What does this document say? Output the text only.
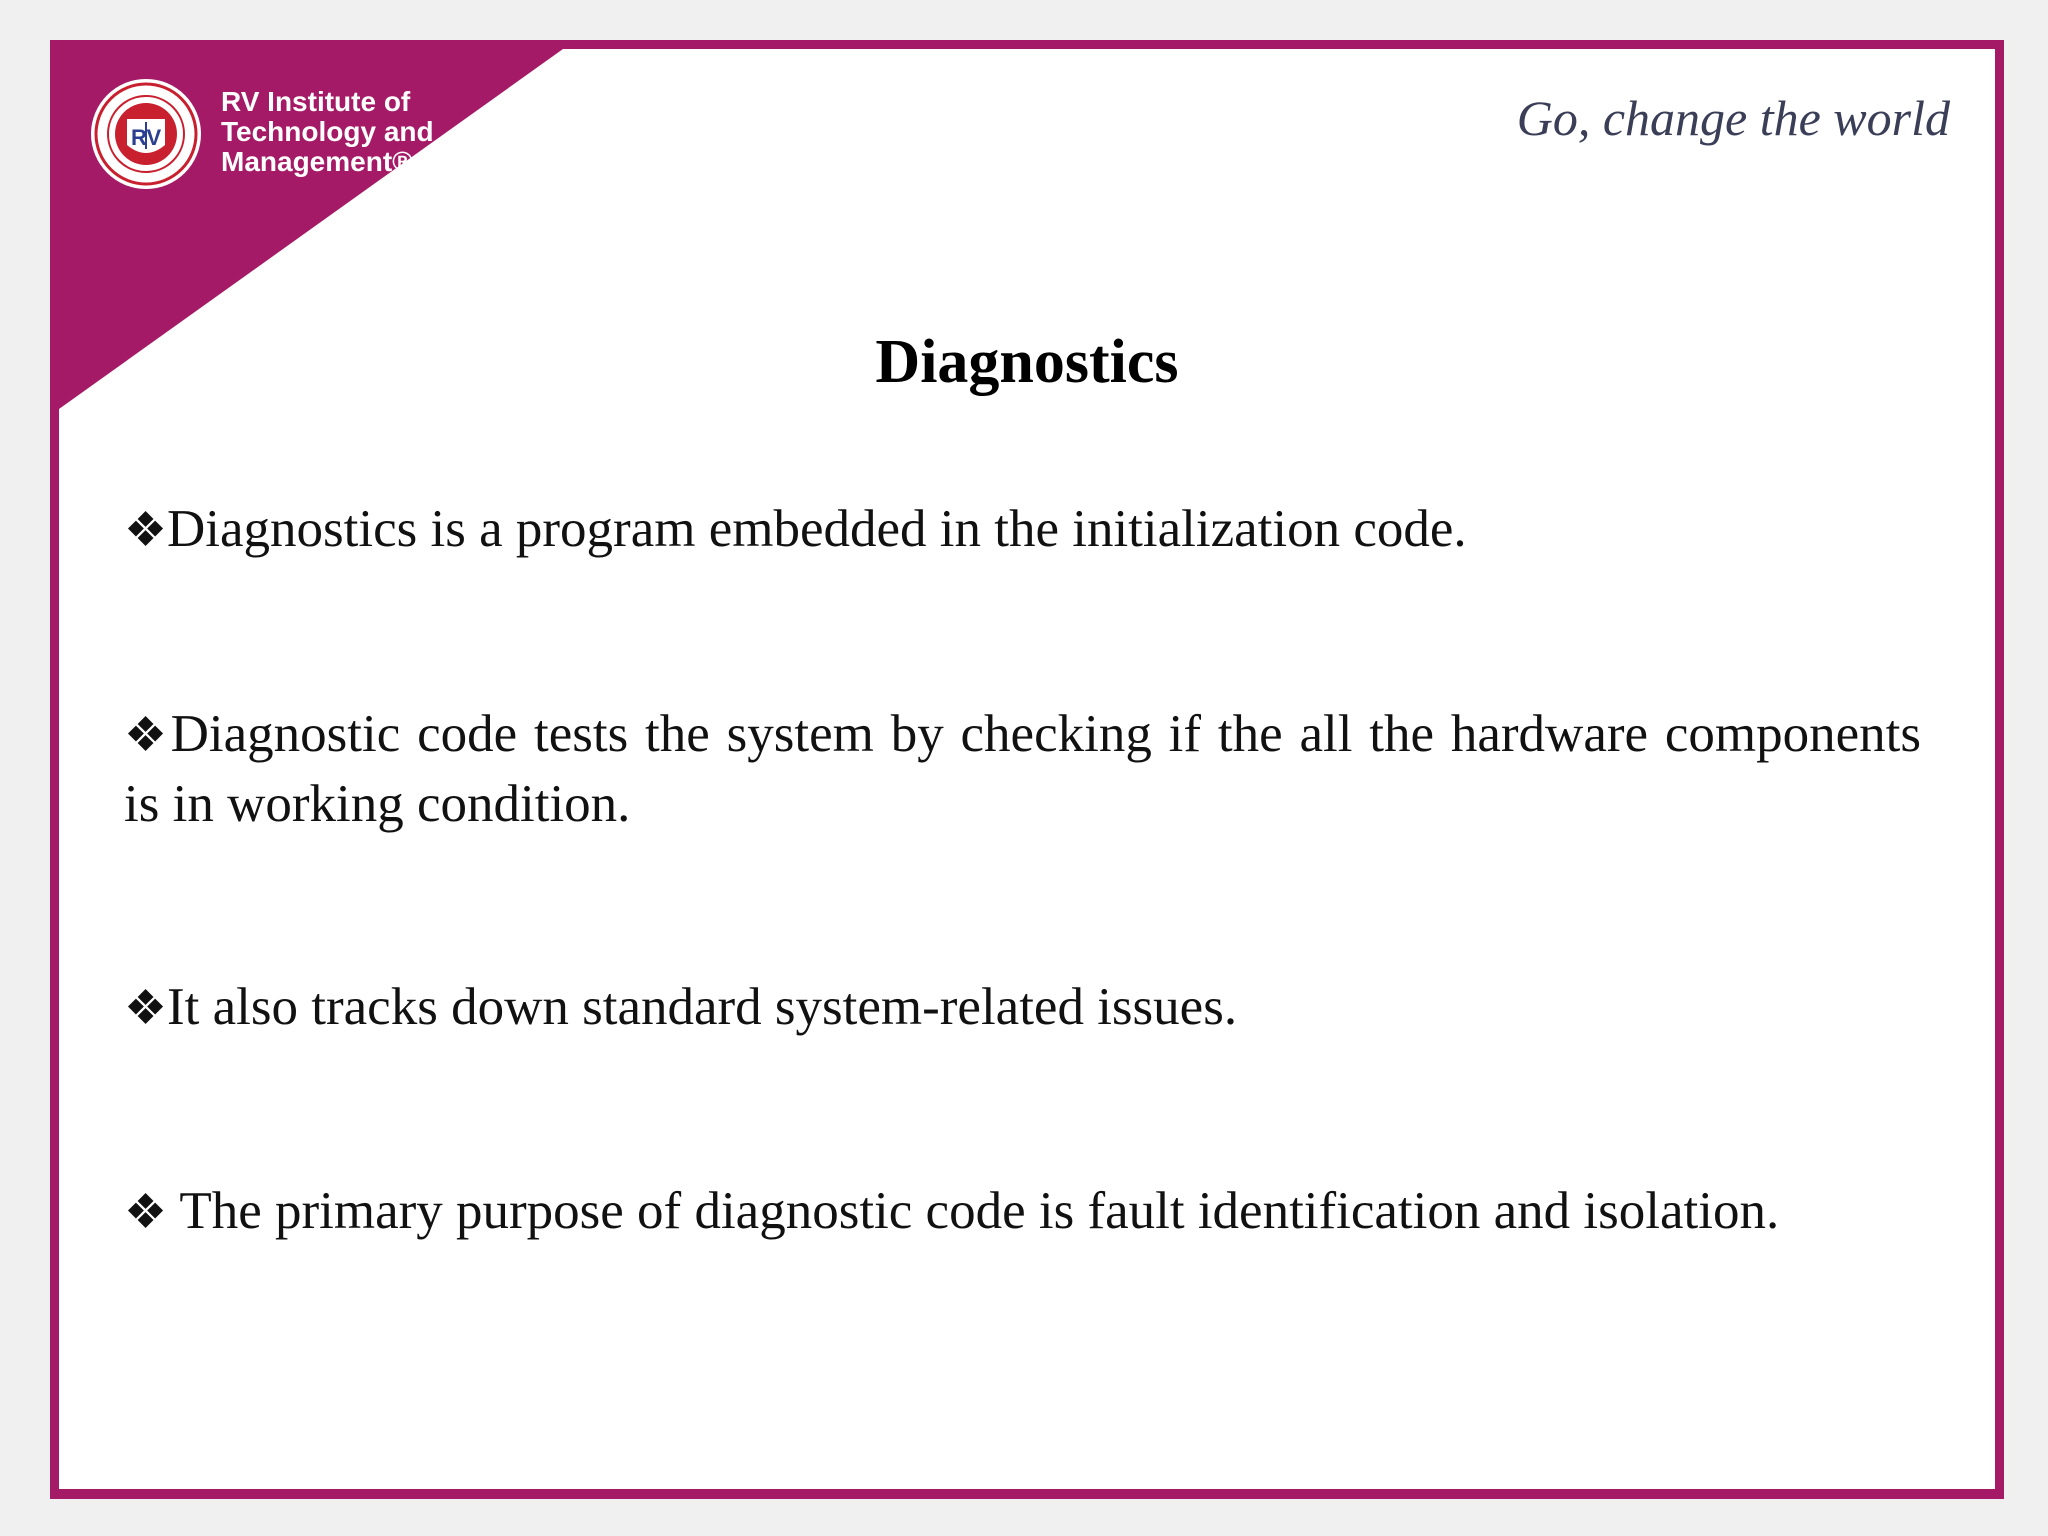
RV
RV Institute of
Technology and
Management®
Go, change the world
Diagnostics

❖Diagnostics is a program embedded in the initialization code.

❖Diagnostic code tests the system by checking if the all the hardware components is in working condition.

❖It also tracks down standard system-related issues.

❖ The primary purpose of diagnostic code is fault identification and isolation.
